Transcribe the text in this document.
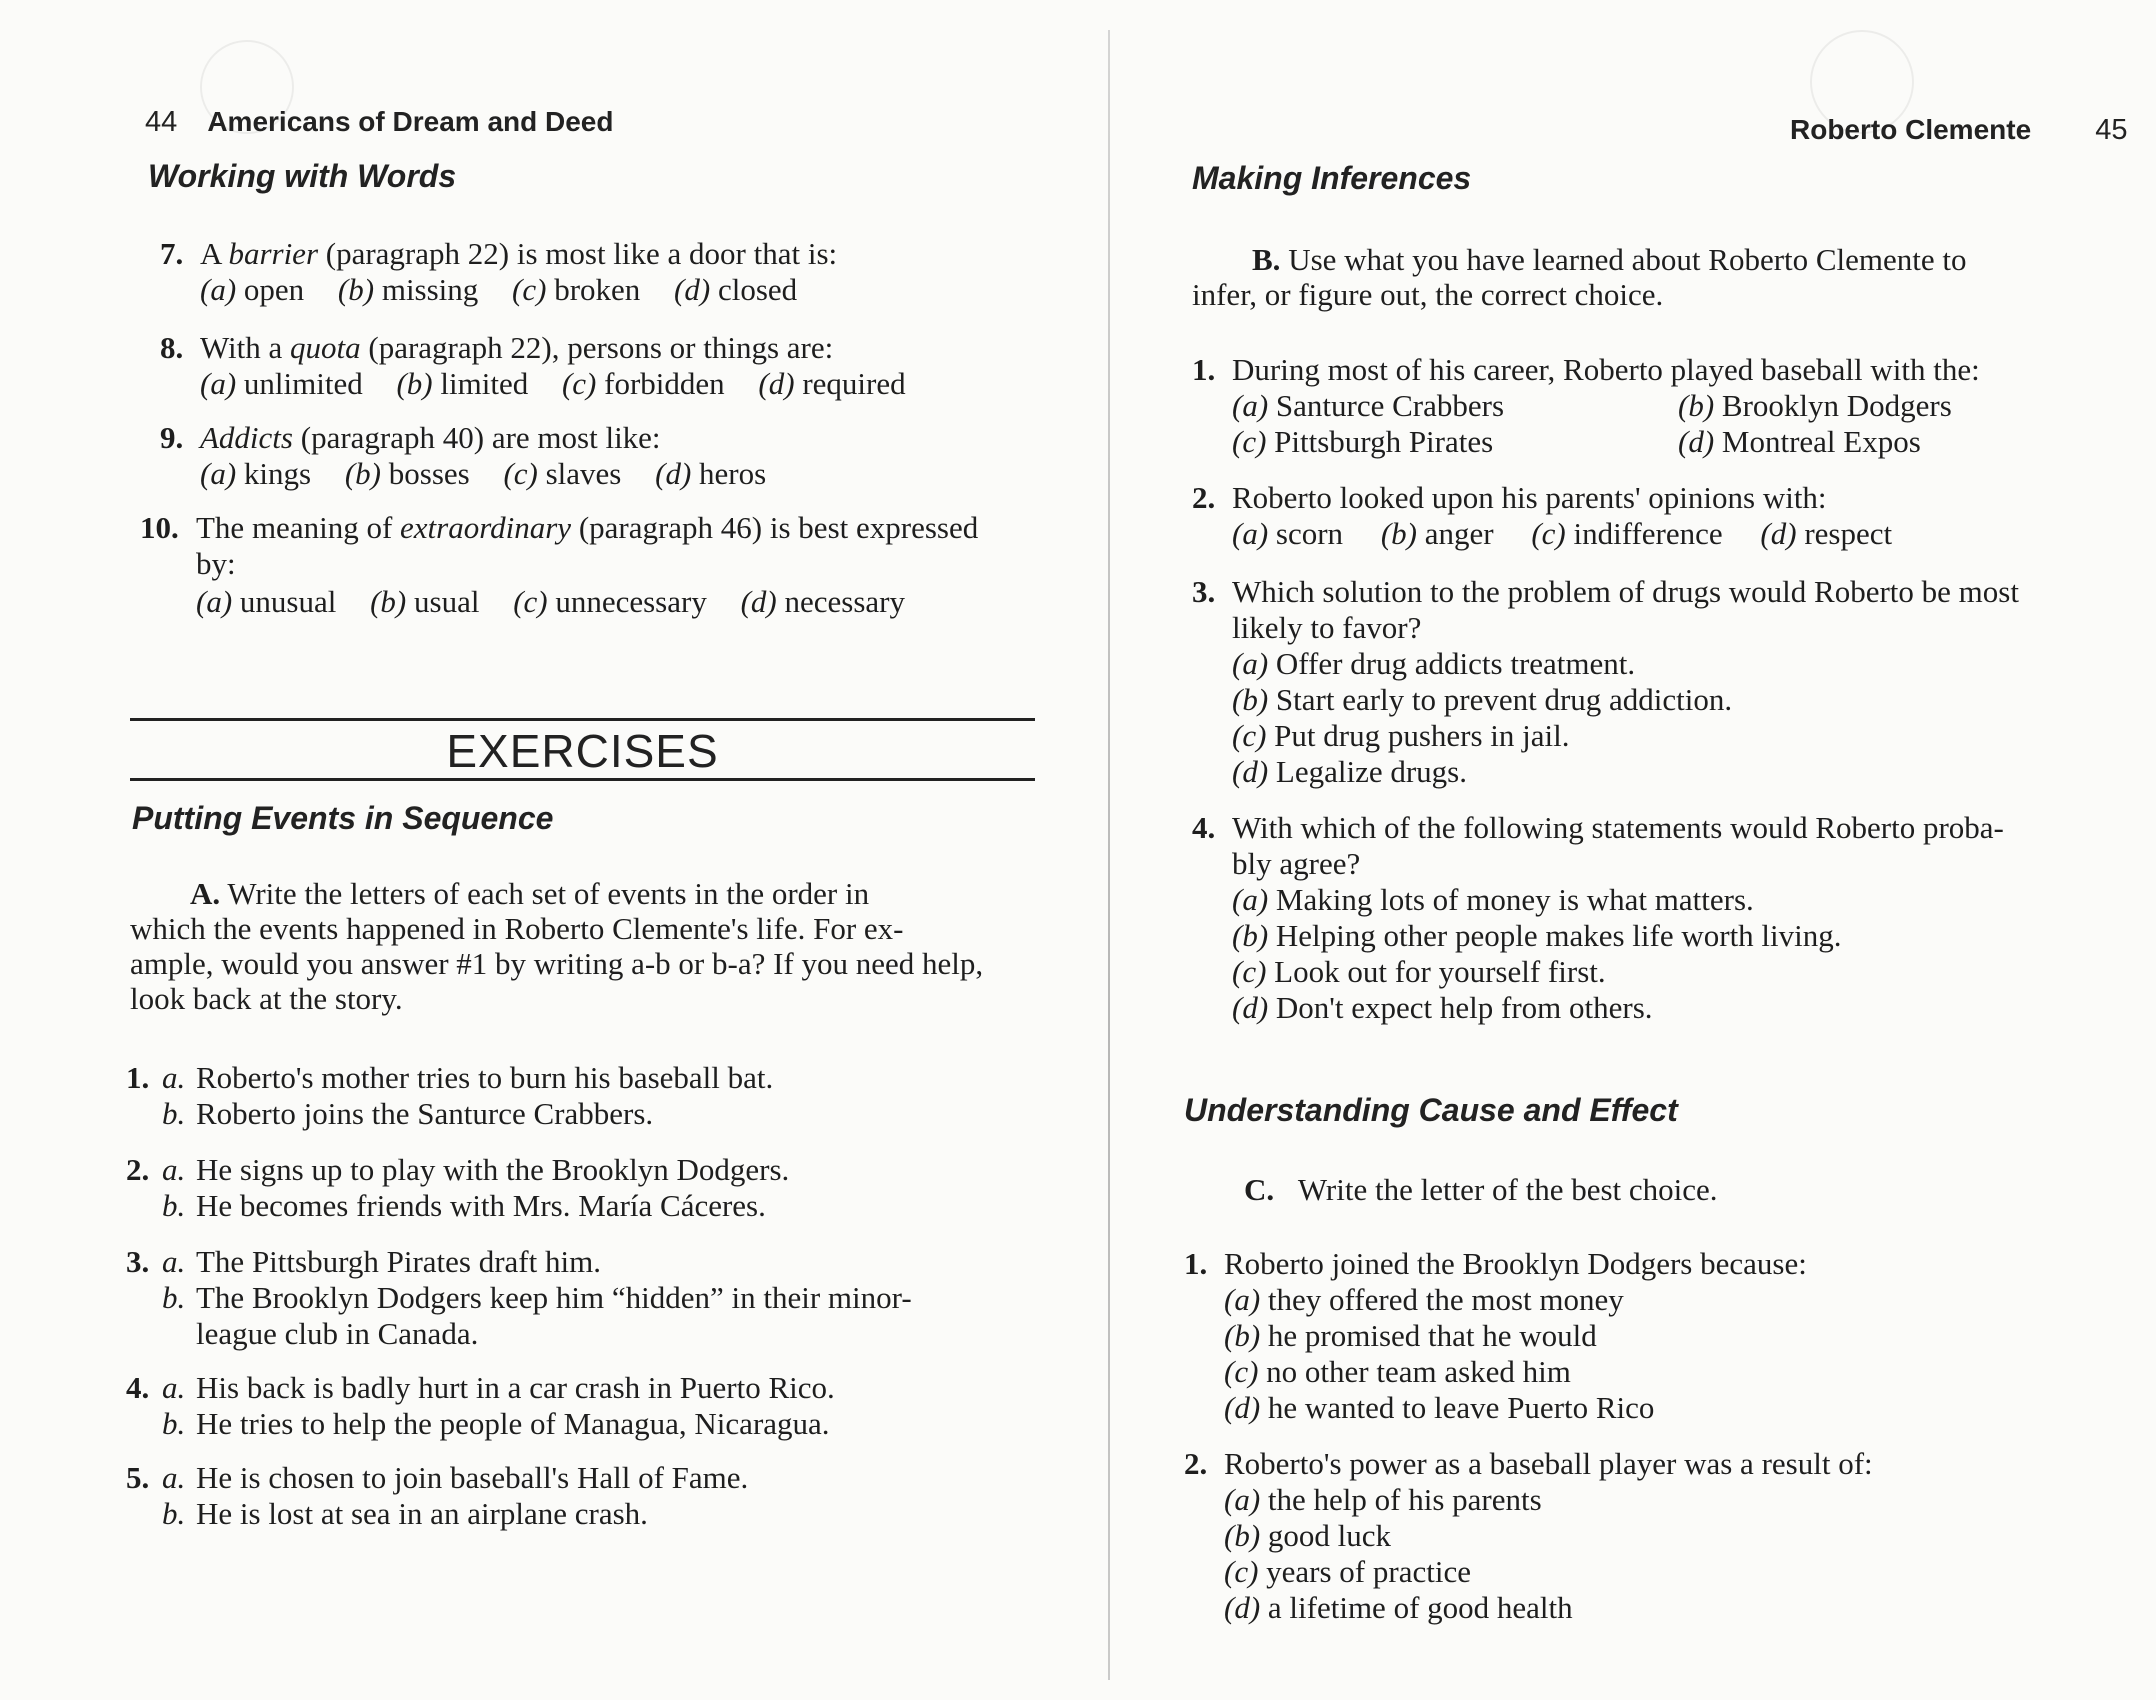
44 Americans of Dream and Deed
Working with Words
7. A barrier (paragraph 22) is most like a door that is:
(a) open (b) missing (c) broken (d) closed
8. With a quota (paragraph 22), persons or things are:
(a) unlimited (b) limited (c) forbidden (d) required
9. Addicts (paragraph 40) are most like:
(a) kings (b) bosses (c) slaves (d) heros
10. The meaning of extraordinary (paragraph 46) is best expressed
by:
(a) unusual (b) usual (c) unnecessary (d) necessary
EXERCISES
Putting Events in Sequence
A. Write the letters of each set of events in the order in
which the events happened in Roberto Clemente's life. For ex-
ample, would you answer #1 by writing a-b or b-a? If you need help,
look back at the story.
1. a. Roberto's mother tries to burn his baseball bat.
b. Roberto joins the Santurce Crabbers.
2. a. He signs up to play with the Brooklyn Dodgers.
b. He becomes friends with Mrs. María Cáceres.
3. a. The Pittsburgh Pirates draft him.
b. The Brooklyn Dodgers keep him “hidden” in their minor-
league club in Canada.
4. a. His back is badly hurt in a car crash in Puerto Rico.
b. He tries to help the people of Managua, Nicaragua.
5. a. He is chosen to join baseball's Hall of Fame.
b. He is lost at sea in an airplane crash.
Roberto Clemente 45
Making Inferences
B. Use what you have learned about Roberto Clemente to
infer, or figure out, the correct choice.
1. During most of his career, Roberto played baseball with the:
(a) Santurce Crabbers	(b) Brooklyn Dodgers
(c) Pittsburgh Pirates	(d) Montreal Expos
2. Roberto looked upon his parents' opinions with:
(a) scorn (b) anger (c) indifference (d) respect
3. Which solution to the problem of drugs would Roberto be most
likely to favor?
(a) Offer drug addicts treatment.
(b) Start early to prevent drug addiction.
(c) Put drug pushers in jail.
(d) Legalize drugs.
4. With which of the following statements would Roberto proba-
bly agree?
(a) Making lots of money is what matters.
(b) Helping other people makes life worth living.
(c) Look out for yourself first.
(d) Don't expect help from others.
Understanding Cause and Effect
C. Write the letter of the best choice.
1. Roberto joined the Brooklyn Dodgers because:
(a) they offered the most money
(b) he promised that he would
(c) no other team asked him
(d) he wanted to leave Puerto Rico
2. Roberto's power as a baseball player was a result of:
(a) the help of his parents
(b) good luck
(c) years of practice
(d) a lifetime of good health
